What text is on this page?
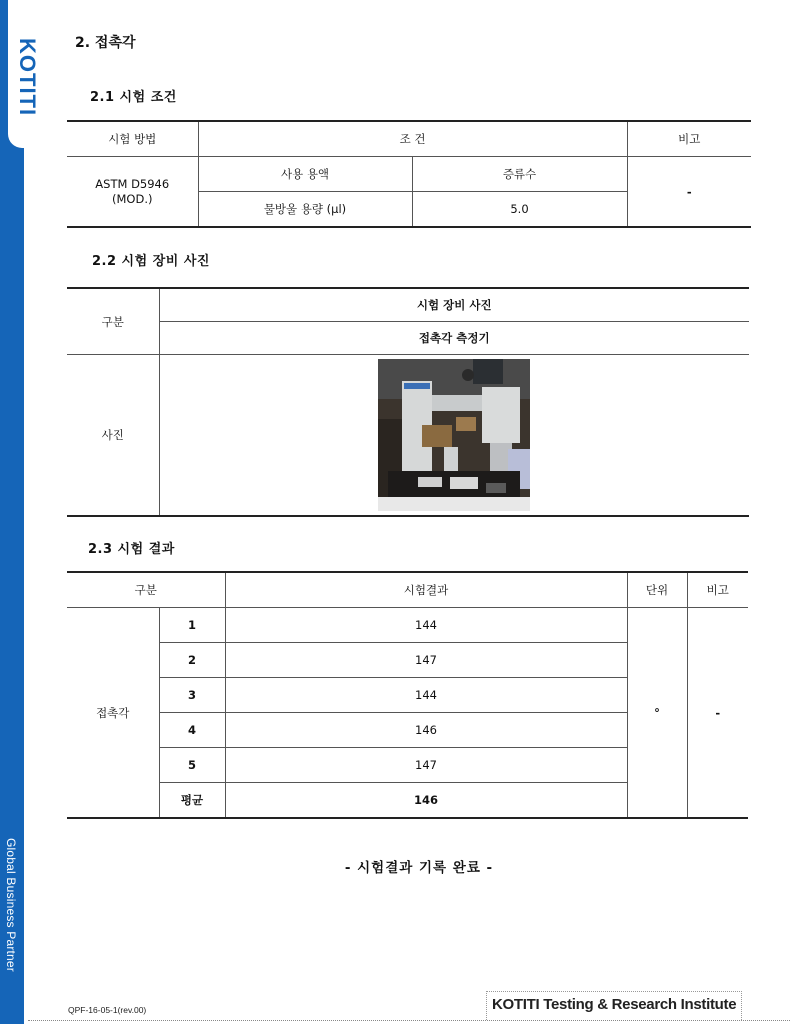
KOTITI
Global Business Partner
2. 접촉각
2.1 시험 조건
시험 방법	조 건		비고
ASTM D5946
(MOD.)	사용 용액	증류수	-
	물방울 용량 (μl)	5.0	
2.2 시험 장비 사진
구분	시험 장비 사진
	접촉각 측정기
사진	
2.3 시험 결과
구분		시험결과	단위	비고
접촉각	1	144	°	-
	2	147		
	3	144		
	4	146		
	5	147		
	평균	146		
- 시험결과 기록 완료 -
QPF-16-05-1(rev.00)	KOTITI Testing & Research Institute
